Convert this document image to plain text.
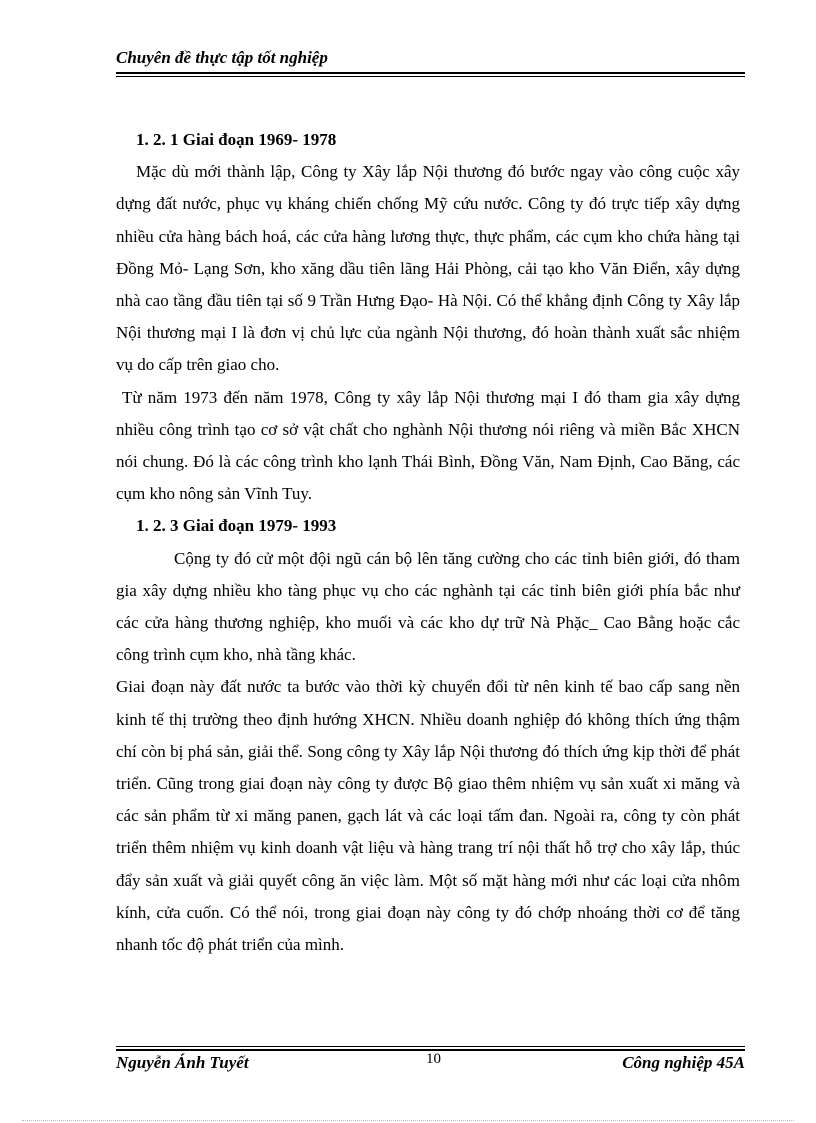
Chuyên đề thực tập tốt nghiệp

1. 2. 1 Giai đoạn 1969- 1978

Mặc dù mới thành lập, Công ty Xây lắp Nội thương đó bước ngay vào công cuộc xây dựng đất nước, phục vụ kháng chiến chống Mỹ cứu nước. Công ty đó trực tiếp xây dựng nhiều cửa hàng bách hoá, các cửa hàng lương thực, thực phẩm, các cụm kho chứa hàng tại Đồng Mỏ- Lạng Sơn, kho xăng dầu tiên lãng Hải Phòng, cải tạo kho Văn Điển, xây dựng nhà cao tầng đầu tiên tại số 9 Trần Hưng Đạo- Hà Nội. Có thể khẳng định Công ty Xây lắp Nội thương mại I là đơn vị chủ lực của ngành Nội thương, đó hoàn thành xuất sắc nhiệm vụ do cấp trên giao cho.

Từ năm 1973 đến năm 1978, Công ty xây lắp Nội thương mại I đó tham gia xây dựng nhiều công trình tạo cơ sở vật chất cho nghành Nội thương nói riêng và miền Bắc XHCN nói chung. Đó là các công trình kho lạnh Thái Bình, Đồng Văn, Nam Định, Cao Băng, các cụm kho nông sản Vĩnh Tuy.

1. 2. 3 Giai đoạn 1979- 1993

Cộng ty đó cử một đội ngũ cán bộ lên tăng cường cho các tỉnh biên giới, đó tham gia xây dựng nhiều kho tàng phục vụ cho các nghành tại các tỉnh biên giới phía bắc như các cửa hàng thương nghiệp, kho muối và các kho dự trữ Nà Phặc_ Cao Bằng hoặc cắc công trình cụm kho, nhà tầng khác.

Giai đoạn này đất nước ta bước vào thời kỳ chuyển đổi từ nên kinh tế bao cấp sang nền kinh tế thị trường theo định hướng XHCN. Nhiều doanh nghiệp đó không thích ứng thậm chí còn bị phá sản, giải thể. Song công ty Xây lắp Nội thương đó thích ứng kịp thời để phát triển. Cũng trong giai đoạn này công ty được Bộ giao thêm nhiệm vụ sản xuất xi măng và các sản phẩm từ xi măng panen, gạch lát và các loại tấm đan. Ngoài ra, công ty còn phát triển thêm nhiệm vụ kinh doanh vật liệu và hàng trang trí nội thất hỗ trợ cho xây lắp, thúc đẩy sản xuất và giải quyết công ăn việc làm. Một số mặt hàng mới như các loại cửa nhôm kính, cửa cuốn. Có thể nói, trong giai đoạn này công ty đó chớp nhoáng thời cơ để tăng nhanh tốc độ phát triển của mình.

Nguyễn Ánh Tuyết	10	Công nghiệp 45A
